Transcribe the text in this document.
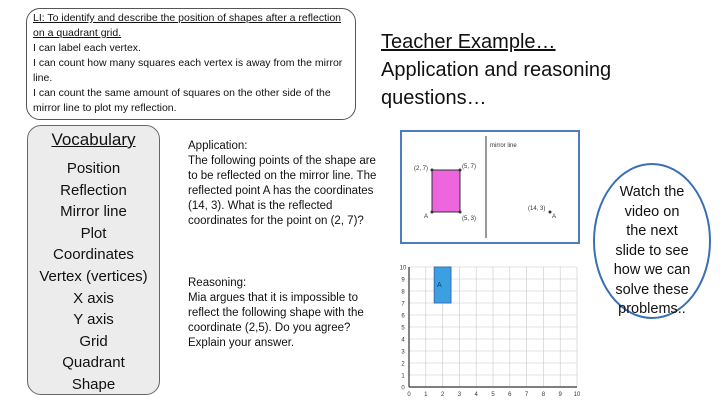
LI: To identify and describe the position of shapes after a reflection on a quadrant grid.
I can label each vertex.
I can count how many squares each vertex is away from the mirror line.
I can count the same amount of squares on the other side of the mirror line to plot my reflection.
Teacher Example…
Application and reasoning questions…
Vocabulary
Position
Reflection
Mirror line
Plot
Coordinates
Vertex (vertices)
X axis
Y axis
Grid
Quadrant
Shape
Application:
The following points of the shape are to be reflected on the mirror line. The reflected point A has the coordinates (14, 3). What is the reflected coordinates for the point on (2, 7)?
Reasoning:
Mia argues that it is impossible to reflect the following shape with the coordinate (2,5). Do you agree? Explain your answer.
mirror line
(2, 7)	(5, 7)
(5, 3)
(14, 3)
A	A
10
9
8
7
6
5
4
3
2
1
0
0 1 2 3 4 5 6 7 8 9 10
A
Watch the
video on
the next
slide to see
how we can
solve these
problems..
